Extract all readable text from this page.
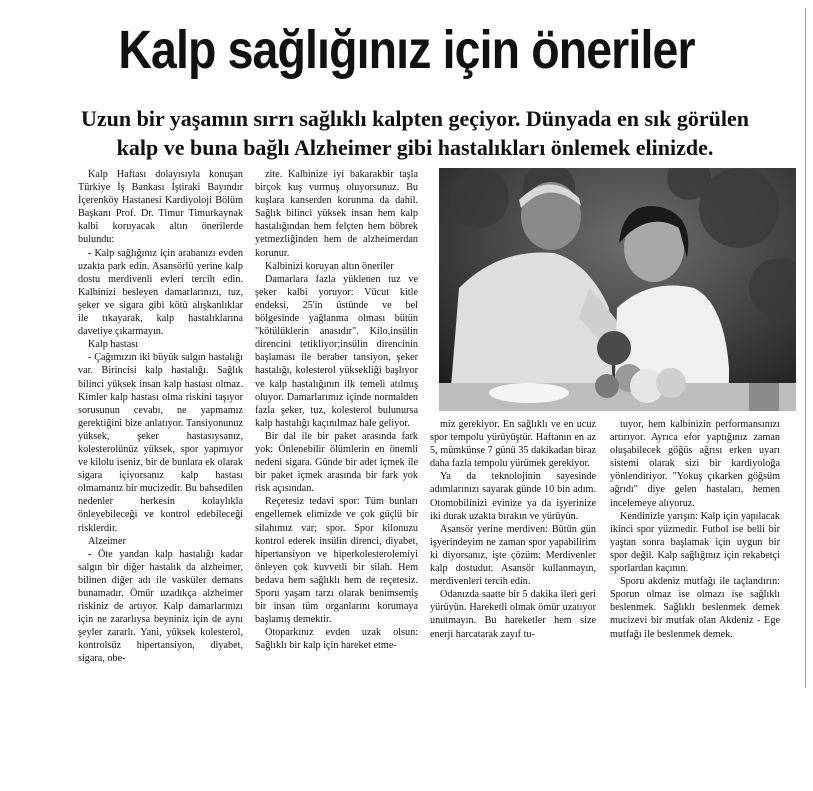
Kalp sağlığınız için öneriler
Uzun bir yaşamın sırrı sağlıklı kalpten geçiyor. Dünyada en sık görülen kalp ve buna bağlı Alzheimer gibi hastalıkları önlemek elinizde.

Kalp Haftası dolayısıyla konuşan Türkiye İş Bankası İştiraki Bayındır İçerenköy Hastanesi Kardiyoloji Bölüm Başkanı Prof. Dr. Timur Timurkaynak kalbi koruyacak altın önerilerde bulundu:

- Kalp sağlığınız için arabanızı evden uzakta park edin. Asansörlü yerine kalp dostu merdivenli evleri tercih edin. Kalbinizi besleyen damarlarınızı, tuz, şeker ve sigara gibi kötü alışkanlıklar ile tıkayarak, kalp hastalıklarına davetiye çıkarmayın.

Kalp hastası

- Çağımızın iki büyük salgın hastalığı var. Birincisi kalp hastalığı. Sağlık bilinci yüksek insan kalp hastası olmaz. Kimler kalp hastası olma riskini taşıyor sorusunun cevabı, ne yapmamız gerektiğini bize anlatıyor. Tansiyonunuz yüksek, şeker hastasıysanız, kolesterolünüz yüksek, spor yapmıyor ve kilolu iseniz, bir de bunlara ek olarak sigara içiyorsanız kalp hastası olmamanız bir mucizedir. Bu bahsedilen nedenler herkesin kolaylıkla önleyebileceği ve kontrol edebileceği risklerdir.

Alzeimer

- Öte yandan kalp hastalığı kadar salgın bir diğer hastalık da alzheimer, bilinen diğer adı ile vasküler demans bunamadır. Ömür uzadıkça alzheimer riskiniz de artıyor. Kalp damarlarınızı için ne zararlıysa beyniniz için de aynı şeyler zararlı. Yani, yüksek kolesterol, kontrolsüz hipertansiyon, diyabet, sigara, obe-

zite. Kalbinize iyi bakarakbir taşla birçok kuş vurmuş oluyorsunuz. Bu kuşlara kanserden korunma da dahil. Sağlık bilinci yüksek insan hem kalp hastalığından hem felçten hem böbrek yetmezliğinden hem de alzheimerdan korunur.

Kalbinizi koruyan altın öneriler

Damarlara fazla yüklenen tuz ve şeker kalbi yoruyor: Vücut kitle endeksi, 25'in üstünde ve bel bölgesinde yağlanma olması bütün "kötülüklerin anasıdır". Kilo,insülin direncini tetikliyor;insülin direncinin başlaması ile beraber tansiyon, şeker hastalığı, kolesterol yüksekliği başlıyor ve kalp hastalığının ilk temeli atılmış oluyor. Damarlarımız içinde normalden fazla şeker, tuz, kolesterol bulunursa kalp hastalığı kaçınılmaz hale geliyor.

Bir dal ile bir paket arasında fark yok: Önlenebilir ölümlerin en önemli nedeni sigara. Günde bir adet içmek ile bir paket içmek arasında bir fark yok risk açısından.

Reçetesiz tedavi spor: Tüm bunları engellemek elimizde ve çok güçlü bir silahımız var; spor. Spor kilonuzu kontrol ederek insülin direnci, diyabet, hipertansiyon ve hiperkolesterolemiyi önleyen çok kuvvetli bir silah. Hem bedava hem sağlıklı hem de reçetesiz. Sporu yaşam tarzı olarak benimsemiş bir insan tüm organlarını korumaya başlamış demektir.

Otoparkınız evden uzak olsun: Sağlıklı bir kalp için hareket etme-

miz gerekiyor. En sağlıklı ve en ucuz spor tempolu yürüyüştür. Haftanın en az 5, mümkünse 7 günü 35 dakikadan biraz daha fazla tempolu yürümek gerekiyor.

Ya da teknolojinin sayesinde adımlarınızı sayarak günde 10 bin adım. Otomobilinizi evinize ya da işyerinize iki durak uzakta bırakın ve yürüyün.

Asansör yerine merdiven: Bütün gün işyerindeyim ne zaman spor yapabilirim ki diyorsanız, işte çözüm: Merdivenler kalp dostudur. Asansör kullanmayın, merdivenleri tercih edin.

Odanızda saatte bir 5 dakika ileri geri yürüyün. Hareketli olmak ömür uzatıyor unutmayın. Bu hareketler hem size enerji harcatarak zayıf tu-

tuyor, hem kalbinizin performansınızı artırıyor. Ayrıca efor yaptığınız zaman oluşabilecek göğüs ağrısı erken uyarı sistemi olarak sizi bir kardiyoloğa yönlendiriyor. "Yokuş çıkarken göğsüm ağrıdı" diye gelen hastaları, hemen incelemeye alıyoruz.

Kendinizle yarışın: Kalp için yapılacak ikinci spor yüzmedir. Futbol ise belli bir yaştan sonra başlamak için uygun bir spor değil. Kalp sağlığınız için rekabetçi sporlardan kaçının.

Sporu akdeniz mutfağı ile taçlandırın: Sporun olmaz ise olmazı ise sağlıklı beslenmek. Sağlıklı beslenmek demek mucizevi bir mutfak olan Akdeniz - Ege mutfağı ile beslenmek demek.
